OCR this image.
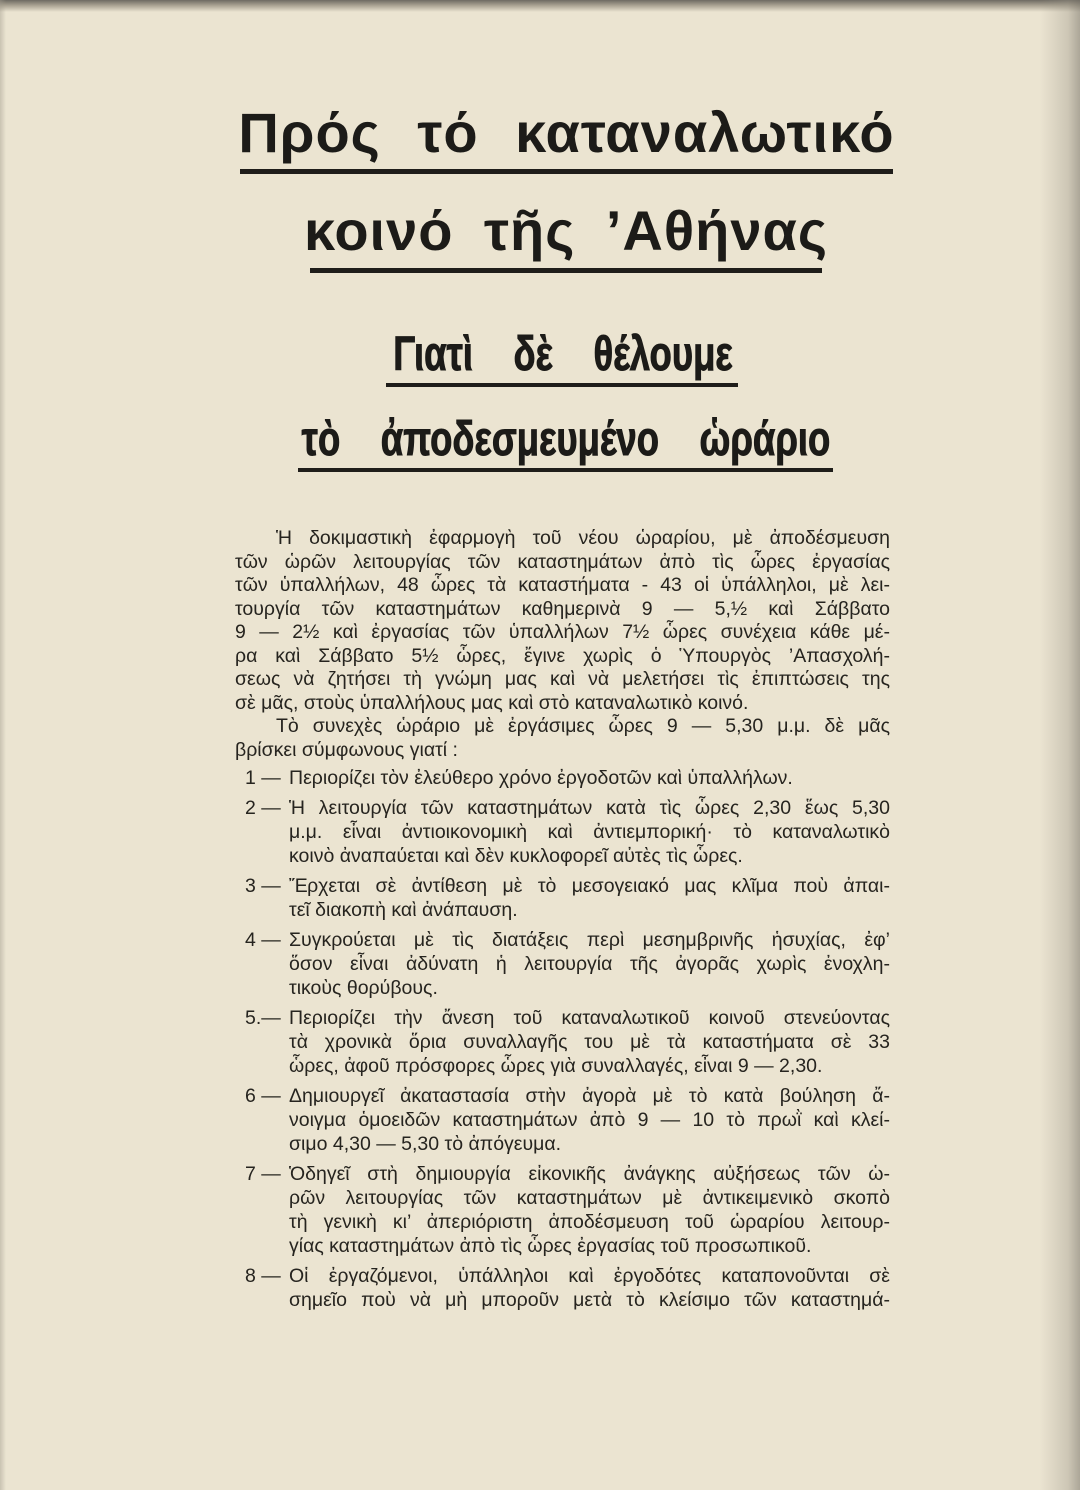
Πρός τό καταναλωτικό
κοινό τῆς ’Αθήνας
Γιατὶ δὲ θέλουμε
τὸ ἀποδεσμευμένο ὡράριο
Ἡ δοκιμαστικὴ ἐφαρμογὴ τοῦ νέου ὡραρίου, μὲ ἀποδέσμευση
τῶν ὡρῶν λειτουργίας τῶν καταστημάτων ἀπὸ τὶς ὧρες ἐργασίας
τῶν ὑπαλλήλων, 48 ὧρες τὰ καταστήματα - 43 οἱ ὑπάλληλοι, μὲ λει-
τουργία τῶν καταστημάτων καθημερινὰ 9 — 5,½ καὶ Σάββατο
9 — 2½ καὶ ἐργασίας τῶν ὑπαλλήλων 7½ ὧρες συνέχεια κάθε μέ-
ρα καὶ Σάββατο 5½ ὧρες, ἔγινε χωρὶς ὁ Ὑπουργὸς ’Απασχολή-
σεως νὰ ζητήσει τὴ γνώμη μας καὶ νὰ μελετήσει τὶς ἐπιπτώσεις της
σὲ μᾶς, στοὺς ὑπαλλήλους μας καὶ στὸ καταναλωτικὸ κοινό.
Τὸ συνεχὲς ὡράριο μὲ ἐργάσιμες ὧρες 9 — 5,30 μ.μ. δὲ μᾶς
βρίσκει σύμφωνους γιατί :
1 — Περιορίζει τὸν ἐλεύθερο χρόνο ἐργοδοτῶν καὶ ὑπαλλήλων.
2 — Ἡ λειτουργία τῶν καταστημάτων κατὰ τὶς ὧρες 2,30 ἕως 5,30
μ.μ. εἶναι ἀντιοικονομικὴ καὶ ἀντιεμπορική· τὸ καταναλωτικὸ
κοινὸ ἀναπαύεται καὶ δὲν κυκλοφορεῖ αὐτὲς τὶς ὧρες.
3 — Ἔρχεται σὲ ἀντίθεση μὲ τὸ μεσογειακό μας κλῖμα ποὺ ἀπαι-
τεῖ διακοπὴ καὶ ἀνάπαυση.
4 — Συγκρούεται μὲ τὶς διατάξεις περὶ μεσημβρινῆς ἡσυχίας, ἐφ’
ὅσον εἶναι ἀδύνατη ἡ λειτουργία τῆς ἀγορᾶς χωρὶς ἐνοχλη-
τικοὺς θορύβους.
5.— Περιορίζει τὴν ἄνεση τοῦ καταναλωτικοῦ κοινοῦ στενεύοντας
τὰ χρονικὰ ὅρια συναλλαγῆς του μὲ τὰ καταστήματα σὲ 33
ὧρες, ἀφοῦ πρόσφορες ὧρες γιὰ συναλλαγές, εἶναι 9 — 2,30.
6 — Δημιουργεῖ ἀκαταστασία στὴν ἀγορὰ μὲ τὸ κατὰ βούληση ἄ-
νοιγμα ὁμοειδῶν καταστημάτων ἀπὸ 9 — 10 τὸ πρωῒ καὶ κλεί-
σιμο 4,30 — 5,30 τὸ ἀπόγευμα.
7 — Ὁδηγεῖ στὴ δημιουργία εἰκονικῆς ἀνάγκης αὐξήσεως τῶν ὡ-
ρῶν λειτουργίας τῶν καταστημάτων μὲ ἀντικειμενικὸ σκοπὸ
τὴ γενικὴ κι’ ἀπεριόριστη ἀποδέσμευση τοῦ ὡραρίου λειτουρ-
γίας καταστημάτων ἀπὸ τὶς ὧρες ἐργασίας τοῦ προσωπικοῦ.
8 — Οἱ ἐργαζόμενοι, ὑπάλληλοι καὶ ἐργοδότες καταπονοῦνται σὲ
σημεῖο ποὺ νὰ μὴ μποροῦν μετὰ τὸ κλείσιμο τῶν καταστημά-
